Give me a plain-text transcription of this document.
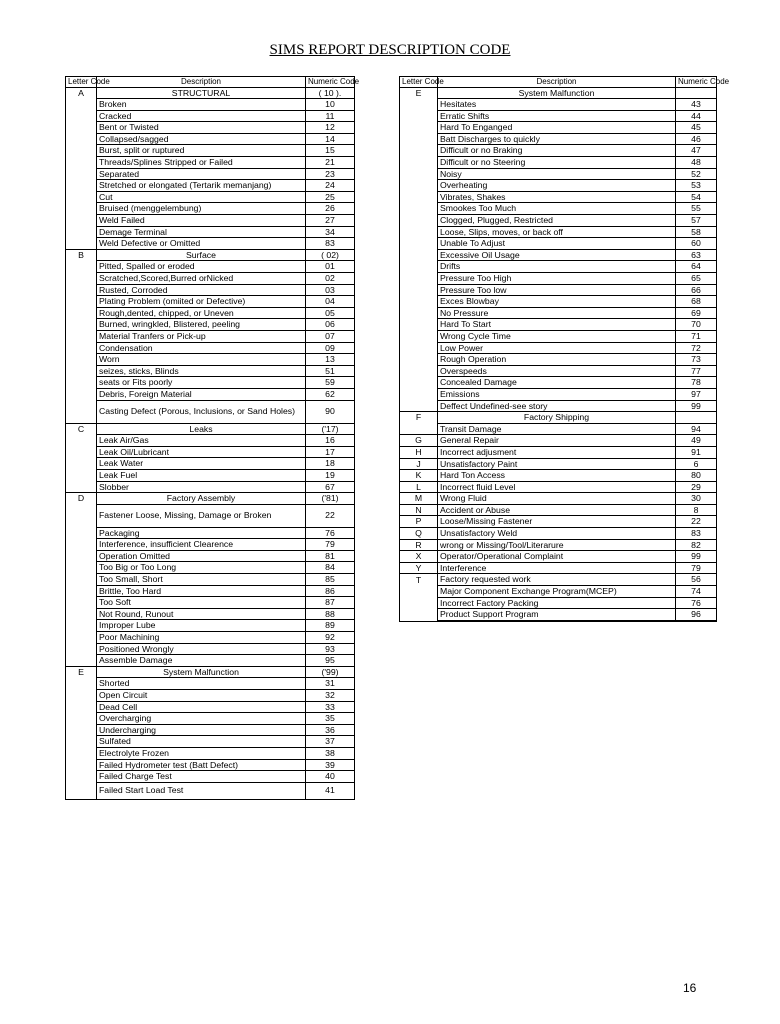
SIMS REPORT DESCRIPTION CODE
Letter Code	Description	Numeric Code
A	STRUCTURAL	( 10 ).
	Broken	10
	Cracked	11
	Bent or Twisted	12
	Collapsed/sagged	14
	Burst, split or ruptured	15
	Threads/Splines Stripped or Failed	21
	Separated	23
	Stretched or elongated (Tertarik memanjang)	24
	Cut	25
	Bruised (menggelembung)	26
	Weld Failed	27
	Demage Terminal	34
	Weld Defective or Omitted	83
B	Surface	( 02)
	Pitted, Spalled or eroded	01
	Scratched,Scored,Burred orNicked	02
	Rusted, Corroded	03
	Plating Problem (omiited or Defective)	04
	Rough,dented, chipped, or Uneven	05
	Burned, wringkled, Blistered, peeling	06
	Material Tranfers or Pick-up	07
	Condensation	09
	Worn	13
	seizes, sticks, Blinds	51
	seats or Fits poorly	59
	Debris, Foreign Material	62
	Casting Defect (Porous, Inclusions, or Sand Holes)	90
C	Leaks	('17)
	Leak Air/Gas	16
	Leak Oil/Lubricant	17
	Leak Water	18
	Leak Fuel	19
	Slobber	67
D	Factory Assembly	('81)
	Fastener Loose, Missing, Damage or Broken	22
	Packaging	76
	Interference, insufficient Clearence	79
	Operation Omitted	81
	Too Big or Too Long	84
	Too Small, Short	85
	Brittle, Too Hard	86
	Too Soft	87
	Not Round, Runout	88
	Improper Lube	89
	Poor Machining	92
	Positioned Wrongly	93
	Assemble Damage	95
E	System Malfunction	('99)
	Shorted	31
	Open Circuit	32
	Dead Cell	33
	Overcharging	35
	Undercharging	36
	Sulfated	37
	Electrolyte Frozen	38
	Failed Hydrometer test (Batt Defect)	39
	Failed Charge Test	40
	Failed Start Load Test	41
Letter Code	Description	Numeric Code
E	System Malfunction	
	Hesitates	43
	Erratic Shifts	44
	Hard To Enganged	45
	Batt Discharges to quickly	46
	Difficult or no Braking	47
	Difficult or no Steering	48
	Noisy	52
	Overheating	53
	Vibrates, Shakes	54
	Smookes Too Much	55
	Clogged, Plugged, Restricted	57
	Loose, Slips, moves, or back off	58
	Unable To Adjust	60
	Excessive Oil Usage	63
	Drifts	64
	Pressure Too High	65
	Pressure Too low	66
	Exces Blowbay	68
	No Pressure	69
	Hard To Start	70
	Wrong Cycle Time	71
	Low Power	72
	Rough Operation	73
	Overspeeds	77
	Concealed Damage	78
	Emissions	97
	Deffect Undefined-see story	99
F	Factory Shipping	
	Transit Damage	94
G	General Repair	49
H	Incorrect adjusment	91
J	Unsatisfactory Paint	6
K	Hard Ton Access	80
L	Incorrect fluid Level	29
M	Wrong Fluid	30
N	Accident or Abuse	8
P	Loose/Missing Fastener	22
Q	Unsatisfactory Weld	83
R	wrong or Missing/Tool/Literarure	82
X	Operator/Operational Complaint	99
Y	Interference	79
T	Factory requested work	56
	Major Component Exchange Program(MCEP)	74
	Incorrect Factory Packing	76
	Product Support Program	96

16
